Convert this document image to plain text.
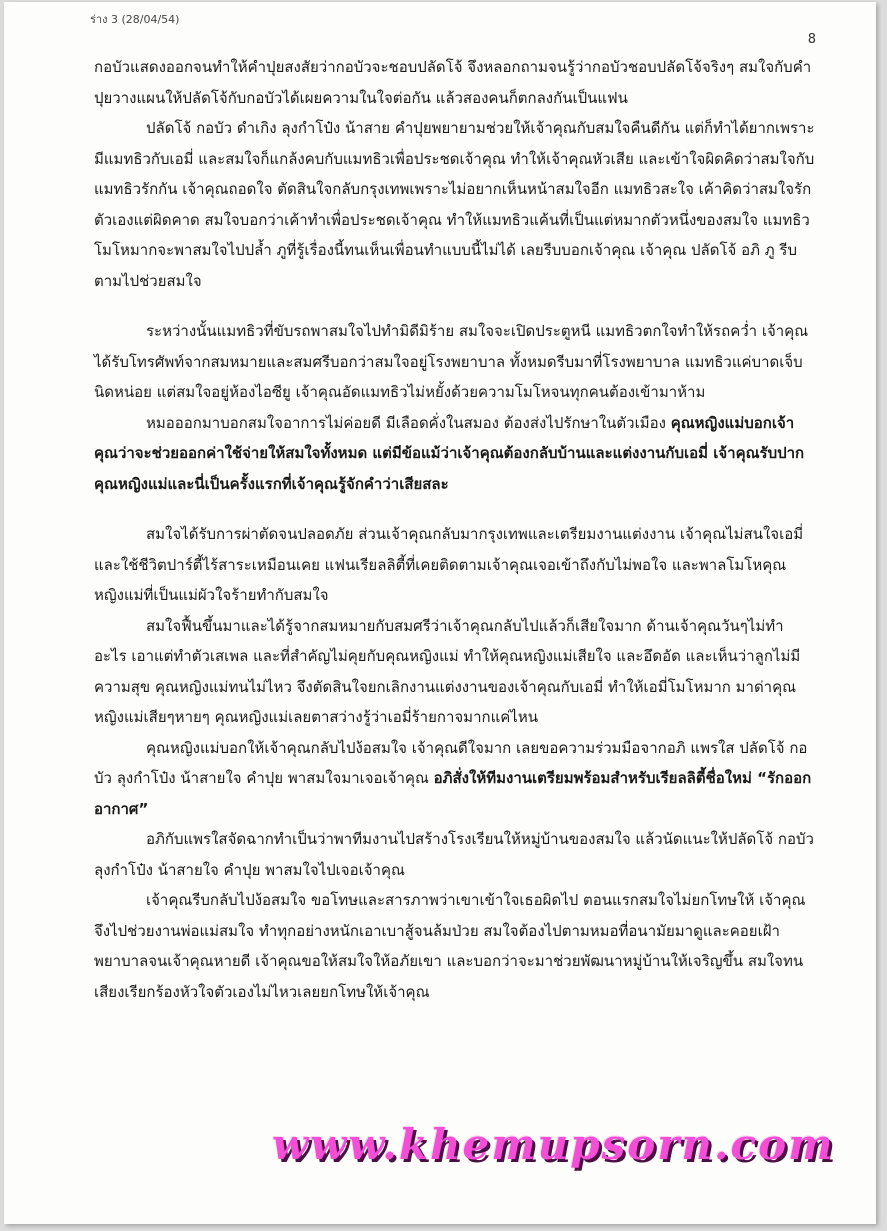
ร่าง 3 (28/04/54)
8

กอบัวแสดงออกจนทำให้คำปุยสงสัยว่ากอบัวจะชอบปลัดโจ้ จึงหลอกถามจนรู้ว่ากอบัวชอบปลัดโจ้จริงๆ สมใจกับคำปุยวางแผนให้ปลัดโจ้กับกอบัวได้เผยความในใจต่อกัน แล้วสองคนก็ตกลงกันเป็นแฟน

ปลัดโจ้ กอบัว ดำเกิง ลุงกำโป๋ง น้าสาย คำปุยพยายามช่วยให้เจ้าคุณกับสมใจคืนดีกัน แต่ก็ทำได้ยากเพราะมีแมทธิวกับเอมี่ และสมใจก็แกล้งคบกับแมทธิวเพื่อประชดเจ้าคุณ ทำให้เจ้าคุณหัวเสีย และเข้าใจผิดคิดว่าสมใจกับแมทธิวรักกัน เจ้าคุณถอดใจ ตัดสินใจกลับกรุงเทพเพราะไม่อยากเห็นหน้าสมใจอีก แมทธิวสะใจ เค้าคิดว่าสมใจรักตัวเองแต่ผิดคาด สมใจบอกว่าเค้าทำเพื่อประชดเจ้าคุณ ทำให้แมทธิวแค้นที่เป็นแต่หมากตัวหนึ่งของสมใจ แมทธิวโมโหมากจะพาสมใจไปปล้ำ ภูที่รู้เรื่องนี้ทนเห็นเพื่อนทำแบบนี้ไม่ได้ เลยรีบบอกเจ้าคุณ เจ้าคุณ ปลัดโจ้ อภิ ภู รีบตามไปช่วยสมใจ

ระหว่างนั้นแมทธิวที่ขับรถพาสมใจไปทำมิดีมิร้าย สมใจจะเปิดประตูหนี แมทธิวตกใจทำให้รถคว่ำ เจ้าคุณได้รับโทรศัพท์จากสมหมายและสมศรีบอกว่าสมใจอยู่โรงพยาบาล ทั้งหมดรีบมาที่โรงพยาบาล แมทธิวแค่บาดเจ็บนิดหน่อย แต่สมใจอยู่ห้องไอซียู เจ้าคุณอัดแมทธิวไม่หยั้งด้วยความโมโหจนทุกคนต้องเข้ามาห้าม

หมอออกมาบอกสมใจอาการไม่ค่อยดี มีเลือดคั่งในสมอง ต้องส่งไปรักษาในตัวเมือง คุณหญิงแม่บอกเจ้าคุณว่าจะช่วยออกค่าใช้จ่ายให้สมใจทั้งหมด แต่มีข้อแม้ว่าเจ้าคุณต้องกลับบ้านและแต่งงานกับเอมี่ เจ้าคุณรับปากคุณหญิงแม่และนี่เป็นครั้งแรกที่เจ้าคุณรู้จักคำว่าเสียสละ

สมใจได้รับการผ่าตัดจนปลอดภัย ส่วนเจ้าคุณกลับมากรุงเทพและเตรียมงานแต่งงาน เจ้าคุณไม่สนใจเอมี่และใช้ชีวิตปาร์ตี้ไร้สาระเหมือนเคย แฟนเรียลลิตี้ที่เคยติดตามเจ้าคุณเจอเข้าถึงกับไม่พอใจ และพาลโมโหคุณหญิงแม่ที่เป็นแม่ผัวใจร้ายทำกับสมใจ

สมใจฟื้นขึ้นมาและได้รู้จากสมหมายกับสมศรีว่าเจ้าคุณกลับไปแล้วก็เสียใจมาก ด้านเจ้าคุณวันๆไม่ทำอะไร เอาแต่ทำตัวเสเพล และที่สำคัญไม่คุยกับคุณหญิงแม่ ทำให้คุณหญิงแม่เสียใจ และอึดอัด และเห็นว่าลูกไม่มีความสุข คุณหญิงแม่ทนไม่ไหว จึงตัดสินใจยกเลิกงานแต่งงานของเจ้าคุณกับเอมี่ ทำให้เอมี่โมโหมาก มาด่าคุณหญิงแม่เสียๆหายๆ คุณหญิงแม่เลยตาสว่างรู้ว่าเอมี่ร้ายกาจมากแค่ไหน

คุณหญิงแม่บอกให้เจ้าคุณกลับไปง้อสมใจ เจ้าคุณดีใจมาก เลยขอความร่วมมือจากอภิ แพรใส ปลัดโจ้ กอบัว ลุงกำโป๋ง น้าสายใจ คำปุย พาสมใจมาเจอเจ้าคุณ อภิสั่งให้ทีมงานเตรียมพร้อมสำหรับเรียลลิตี้ชื่อใหม่ “รักออกอากาศ”

อภิกับแพรใสจัดฉากทำเป็นว่าพาทีมงานไปสร้างโรงเรียนให้หมู่บ้านของสมใจ แล้วนัดแนะให้ปลัดโจ้ กอบัว ลุงกำโป๋ง น้าสายใจ คำปุย พาสมใจไปเจอเจ้าคุณ

เจ้าคุณรีบกลับไปง้อสมใจ ขอโทษและสารภาพว่าเขาเข้าใจเธอผิดไป ตอนแรกสมใจไม่ยกโทษให้ เจ้าคุณจึงไปช่วยงานพ่อแม่สมใจ ทำทุกอย่างหนักเอาเบาสู้จนล้มป่วย สมใจต้องไปตามหมอที่อนามัยมาดูและคอยเฝ้าพยาบาลจนเจ้าคุณหายดี เจ้าคุณขอให้สมใจให้อภัยเขา และบอกว่าจะมาช่วยพัฒนาหมู่บ้านให้เจริญขึ้น สมใจทนเสียงเรียกร้องหัวใจตัวเองไม่ไหวเลยยกโทษให้เจ้าคุณ

www.khemupsorn.com
